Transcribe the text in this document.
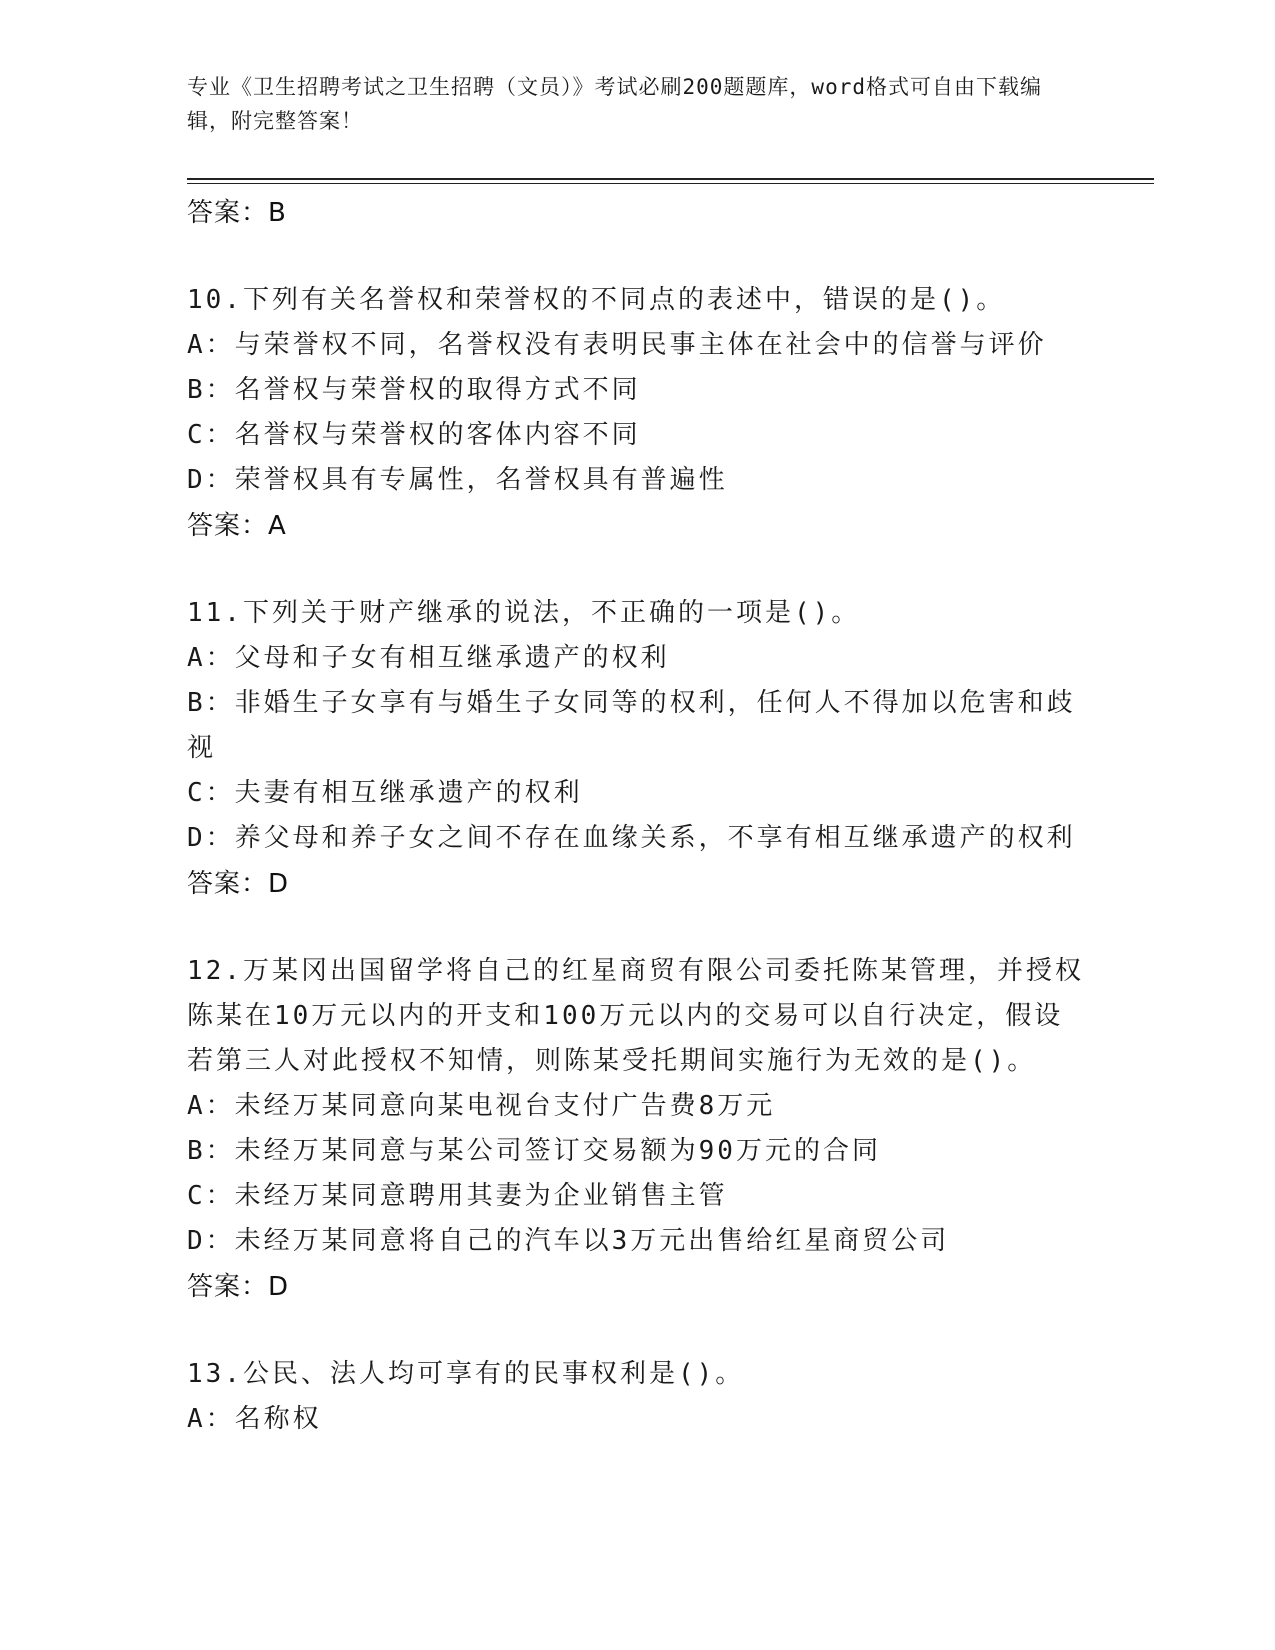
专业《卫生招聘考试之卫生招聘（文员）》考试必刷200题题库，word格式可自由下载编辑，附完整答案！
答案：B
10.下列有关名誉权和荣誉权的不同点的表述中，错误的是()。
A：与荣誉权不同，名誉权没有表明民事主体在社会中的信誉与评价
B：名誉权与荣誉权的取得方式不同
C：名誉权与荣誉权的客体内容不同
D：荣誉权具有专属性，名誉权具有普遍性
答案：A
11.下列关于财产继承的说法，不正确的一项是()。
A：父母和子女有相互继承遗产的权利
B：非婚生子女享有与婚生子女同等的权利，任何人不得加以危害和歧视
C：夫妻有相互继承遗产的权利
D：养父母和养子女之间不存在血缘关系，不享有相互继承遗产的权利
答案：D
12.万某冈出国留学将自己的红星商贸有限公司委托陈某管理，并授权陈某在10万元以内的开支和100万元以内的交易可以自行决定，假设若第三人对此授权不知情，则陈某受托期间实施行为无效的是()。
A：未经万某同意向某电视台支付广告费8万元
B：未经万某同意与某公司签订交易额为90万元的合同
C：未经万某同意聘用其妻为企业销售主管
D：未经万某同意将自己的汽车以3万元出售给红星商贸公司
答案：D
13.公民、法人均可享有的民事权利是()。
A：名称权
